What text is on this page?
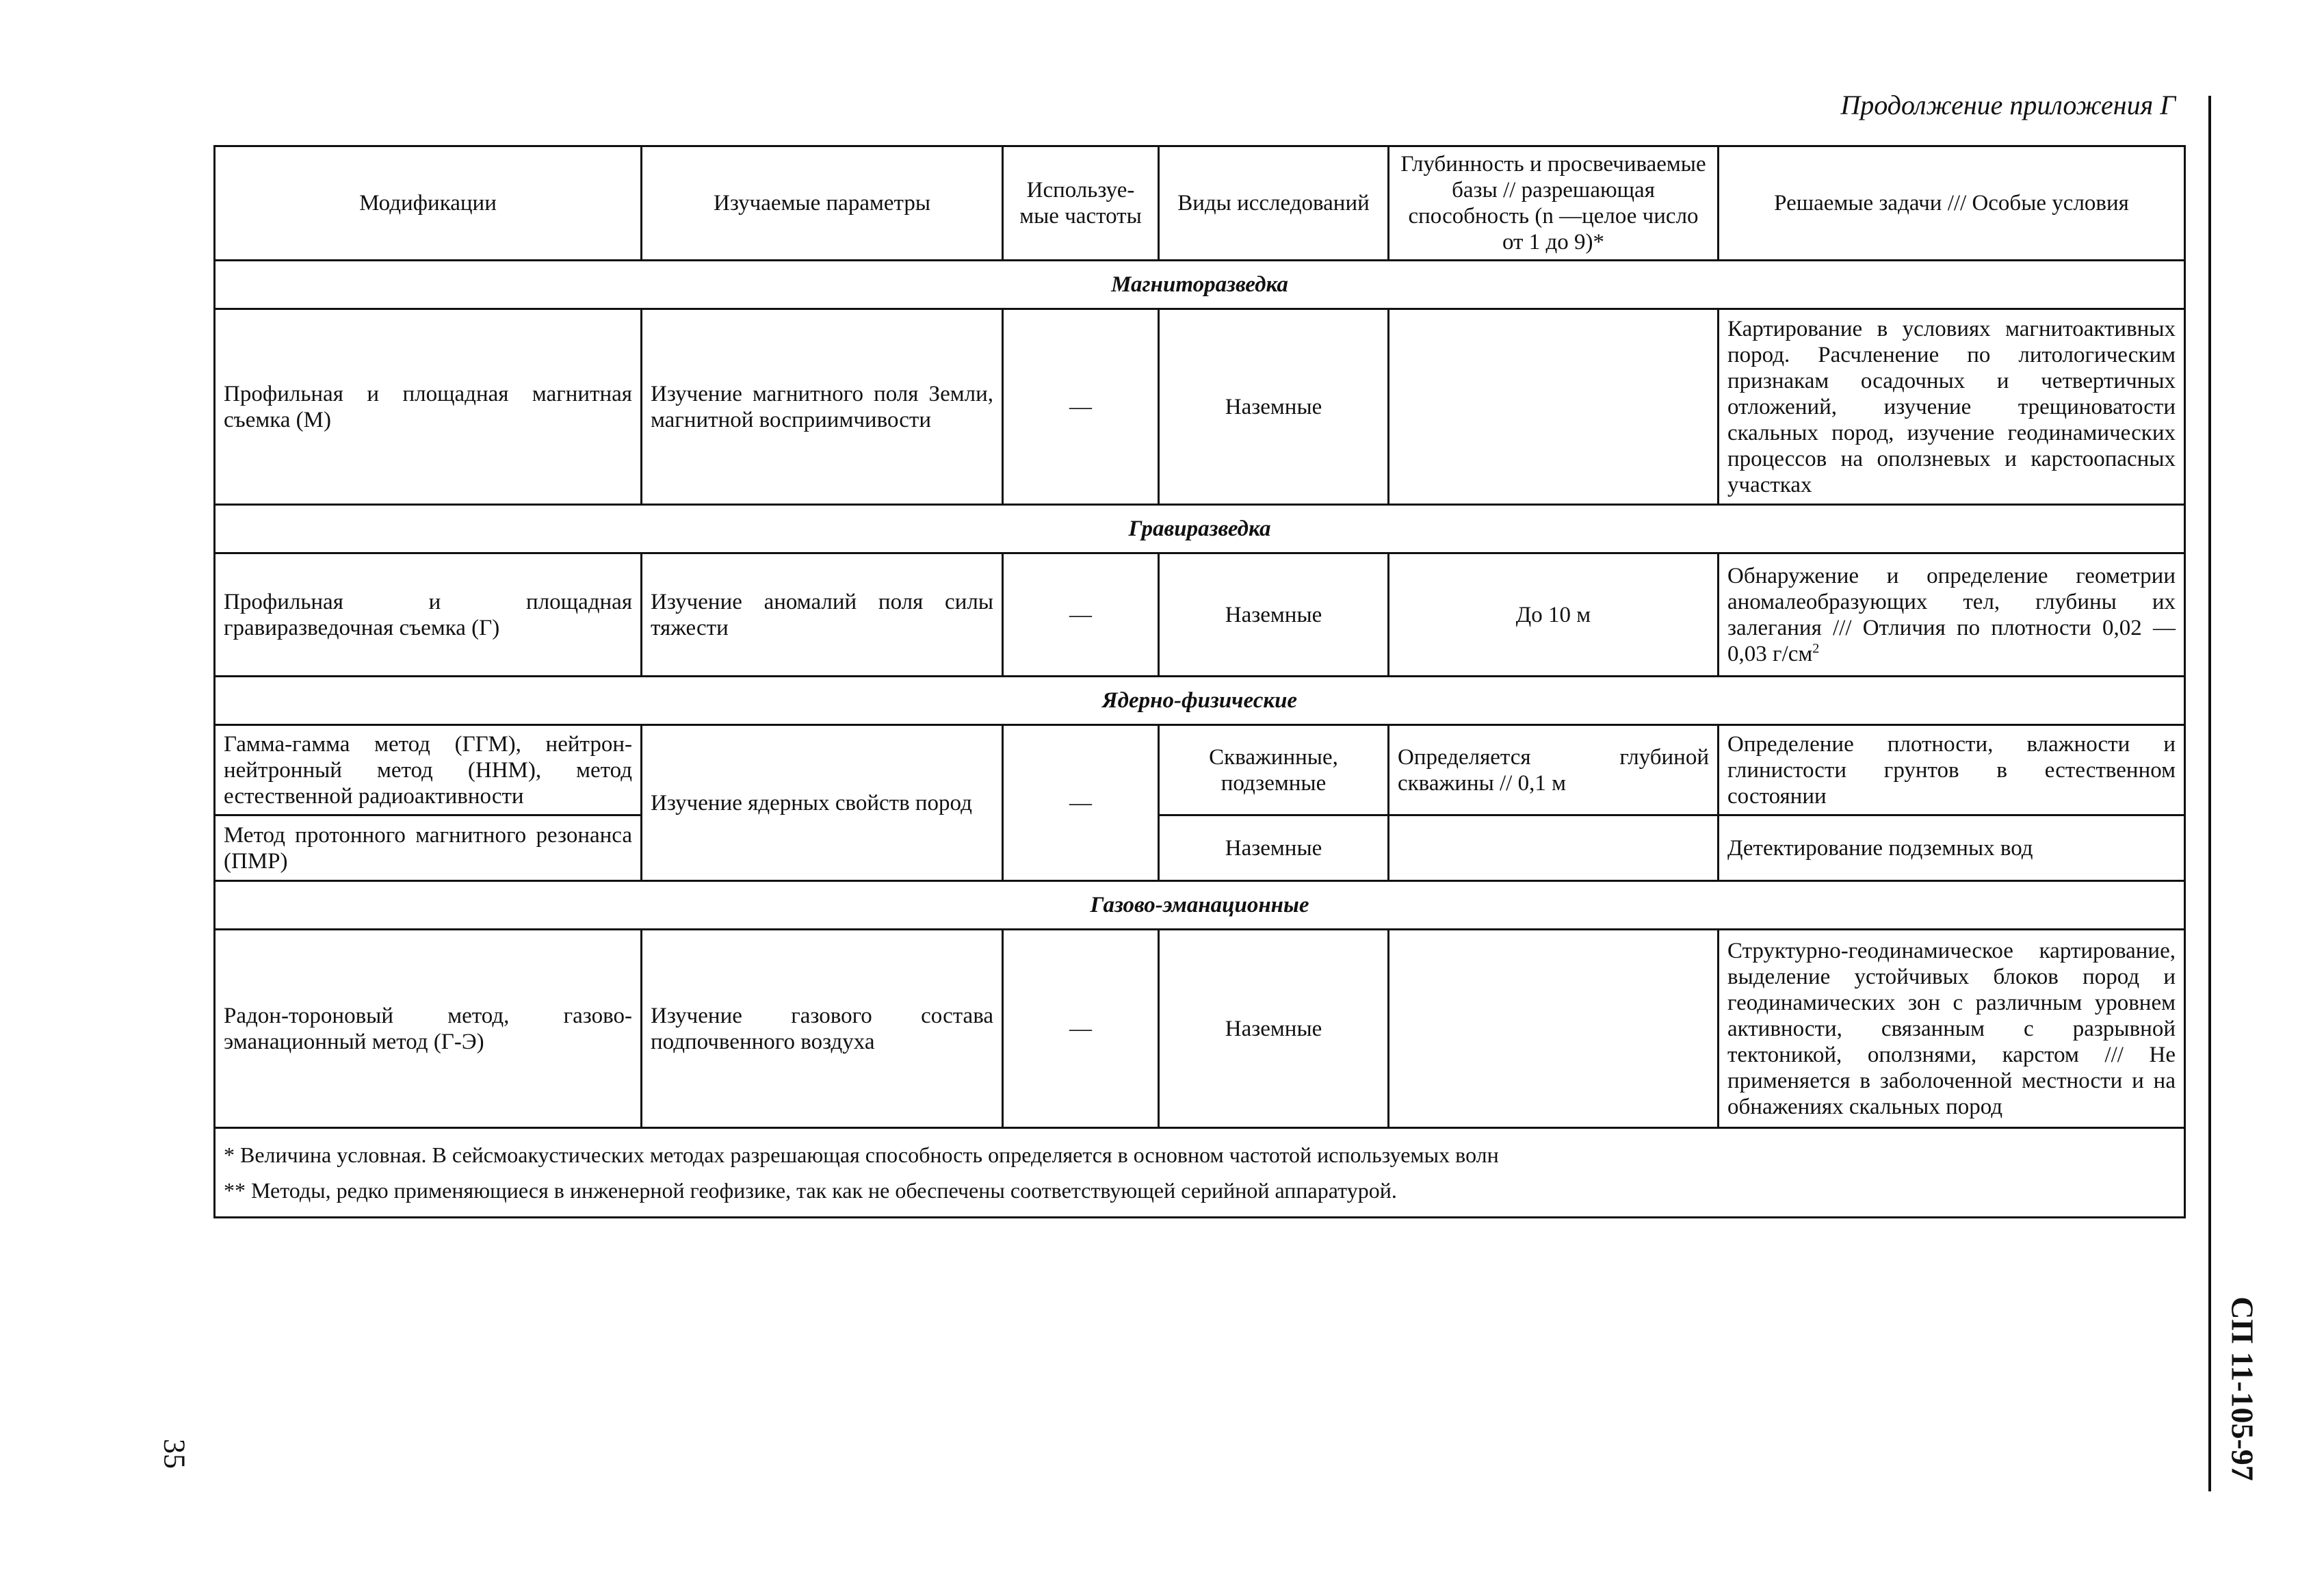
Продолжение приложения Г
СП 11-105-97
35
Модификации	Изучаемые параметры	Используе-мые частоты	Виды исследований	Глубинность и просвечиваемые базы // разрешающая способность (n —целое число от 1 до 9)*	Решаемые задачи /// Особые условия
Магниторазведка					
Профильная и площадная магнитная съемка (М)	Изучение магнитного поля Земли, магнитной восприимчивости	—	Наземные		Картирование в условиях магнитоактивных пород. Расчленение по литологическим признакам осадочных и четвертичных отложений, изучение трещиноватости скальных пород, изучение геодинамических процессов на оползневых и карстоопасных участках
Гравиразведка					
Профильная и площадная гравиразведочная съемка (Г)	Изучение аномалий поля силы тяжести	—	Наземные	До 10 м	Обнаружение и определение геометрии аномалеобразующих тел, глубины их залегания /// Отличия по плотности 0,02 — 0,03 $г/см^2$
Ядерно-физические					
Гамма-гамма метод (ГГМ), нейтрон-нейтронный метод (ННМ), метод естественной радиоактивности	Изучение ядерных свойств пород	—	Скважинные, подземные	Определяется глубиной скважины // 0,1 м	Определение плотности, влажности и глинистости грунтов в естественном состоянии
Метод протонного магнитного резонанса (ПМР)			Наземные		Детектирование подземных вод
Газово-эманационные					
Радон-тороновый метод, газово-эманационный метод (Г-Э)	Изучение газового состава подпочвенного воздуха	—	Наземные		Структурно-геодинамическое картирование, выделение устойчивых блоков пород и геодинамических зон с различным уровнем активности, связанным с разрывной тектоникой, оползнями, карстом /// Не применяется в заболоченной местности и на обнажениях скальных пород

* Величина условная. В сейсмоакустических методах разрешающая способность определяется в основном частотой используемых волн
** Методы, редко применяющиеся в инженерной геофизике, так как не обеспечены соответствующей серийной аппаратурой.					
